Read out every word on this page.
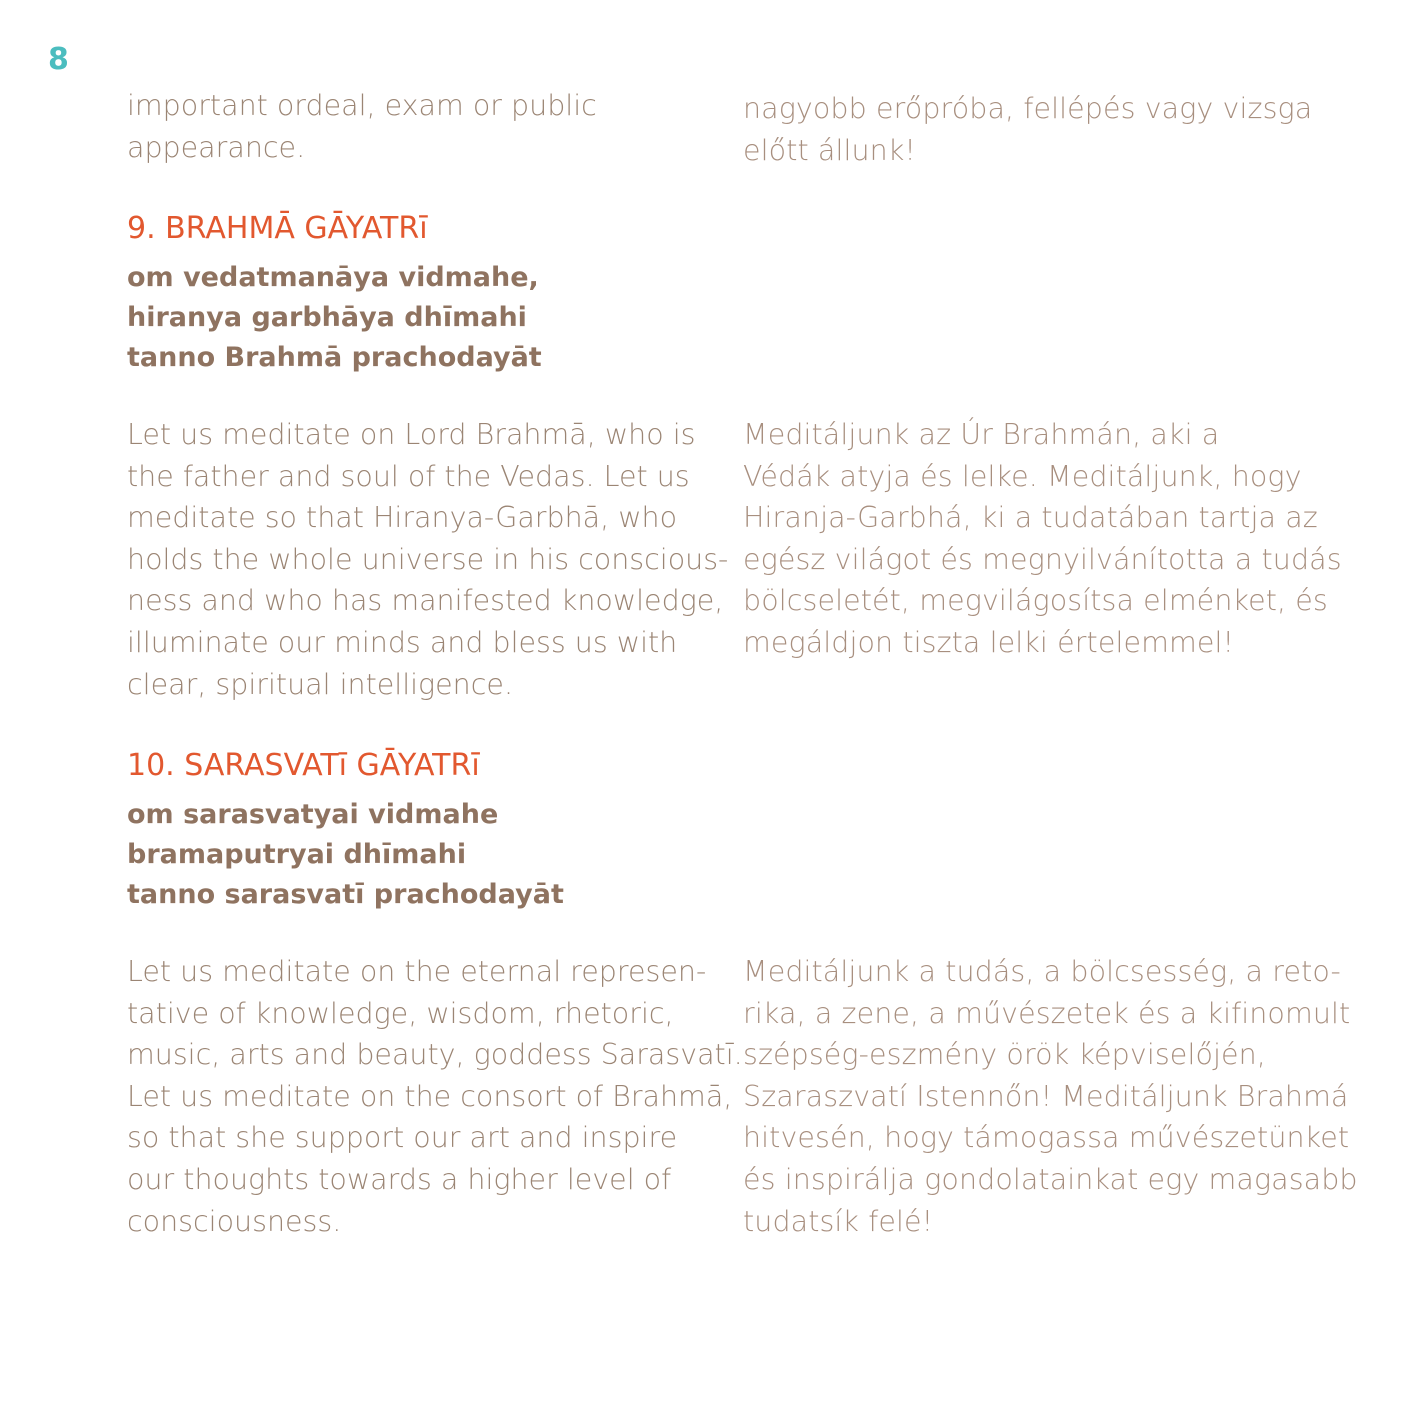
8

important ordeal, exam or public
appearance.

nagyobb erőpróba, fellépés vagy vizsga
előtt állunk!

9. BRAHMĀ GĀYATRī

om vedatmanāya vidmahe,
hiranya garbhāya dhīmahi
tanno Brahmā prachodayāt

Let us meditate on Lord Brahmā, who is
the father and soul of the Vedas. Let us
meditate so that Hiranya-Garbhā, who
holds the whole universe in his conscious-
ness and who has manifested knowledge,
illuminate our minds and bless us with
clear, spiritual intelligence.

Meditáljunk az Úr Brahmán, aki a
Védák atyja és lelke. Meditáljunk, hogy
Hiranja-Garbhá, ki a tudatában tartja az
egész világot és megnyilvánította a tudás
bölcseletét, megvilágosítsa elménket, és
megáldjon tiszta lelki értelemmel!

10. SARASVATī GĀYATRī

om sarasvatyai vidmahe
bramaputryai dhīmahi
tanno sarasvatī prachodayāt

Let us meditate on the eternal represen-
tative of knowledge, wisdom, rhetoric,
music, arts and beauty, goddess Sarasvatī.
Let us meditate on the consort of Brahmā,
so that she support our art and inspire
our thoughts towards a higher level of
consciousness.

Meditáljunk a tudás, a bölcsesség, a reto-
rika, a zene, a művészetek és a kifinomult
szépség-eszmény örök képviselőjén,
Szaraszvatí Istennőn! Meditáljunk Brahmá
hitvesén, hogy támogassa művészetünket
és inspirálja gondolatainkat egy magasabb
tudatsík felé!
